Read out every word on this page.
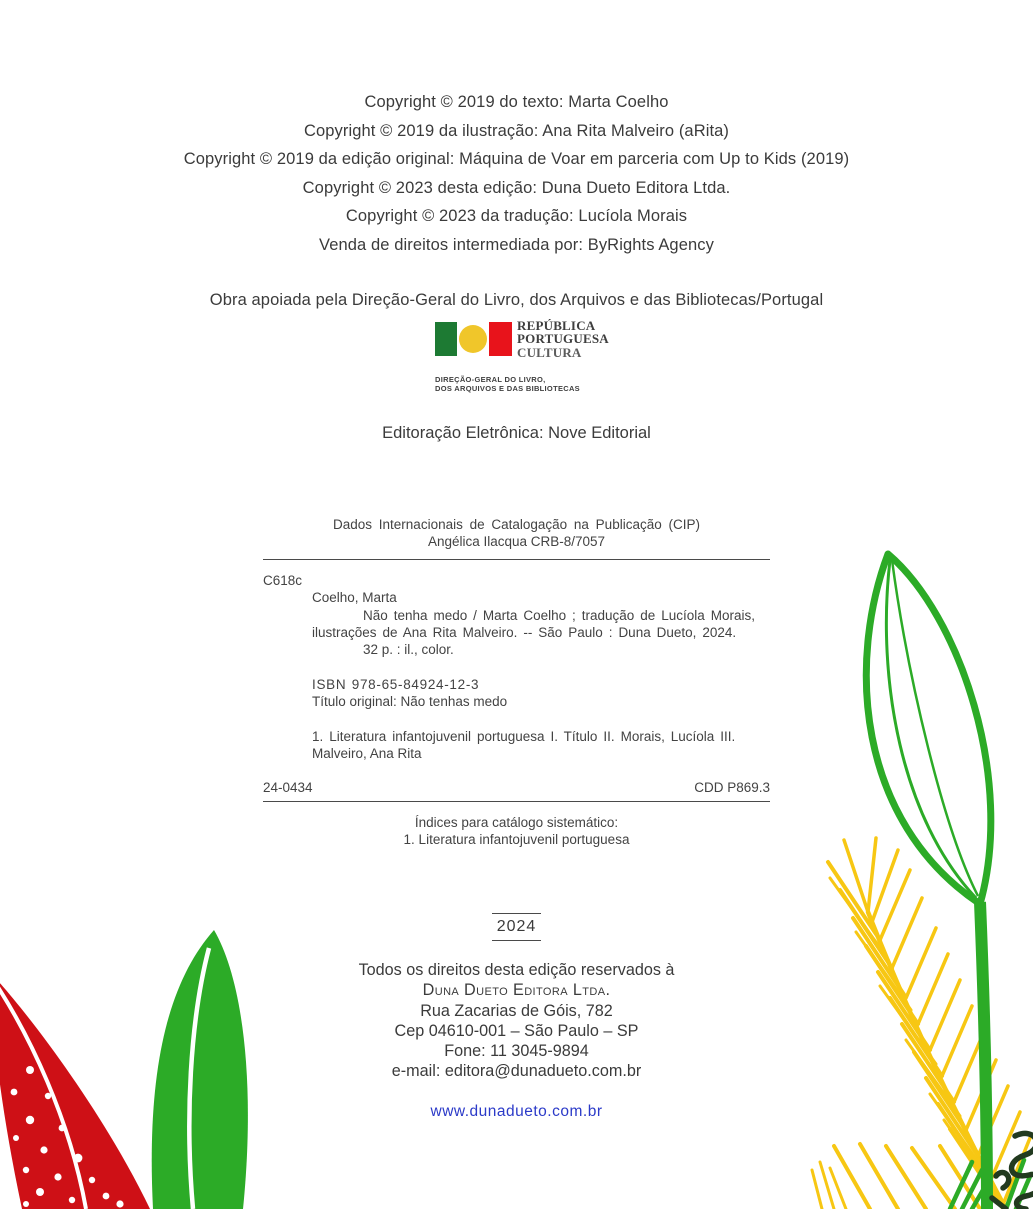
Copyright © 2019 do texto: Marta Coelho
Copyright © 2019 da ilustração: Ana Rita Malveiro (aRita)
Copyright © 2019 da edição original: Máquina de Voar em parceria com Up to Kids (2019)
Copyright © 2023 desta edição: Duna Dueto Editora Ltda.
Copyright © 2023 da tradução: Lucíola Morais
Venda de direitos intermediada por: ByRights Agency
Obra apoiada pela Direção-Geral do Livro, dos Arquivos e das Bibliotecas/Portugal
REPÚBLICA
PORTUGUESA
CULTURA
DIREÇÃO-GERAL DO LIVRO,
DOS ARQUIVOS E DAS BIBLIOTECAS
Editoração Eletrônica: Nove Editorial
Dados Internacionais de Catalogação na Publicação (CIP)
Angélica Ilacqua CRB-8/7057
C618c
Coelho, Marta
Não tenha medo / Marta Coelho ; tradução de Lucíola Morais,
ilustrações de Ana Rita Malveiro. -- São Paulo : Duna Dueto, 2024.
32 p. : il., color.
ISBN 978-65-84924-12-3
Título original: Não tenhas medo
1. Literatura infantojuvenil portuguesa I. Título II. Morais, Lucíola III.
Malveiro, Ana Rita
24-0434	CDD P869.3
Índices para catálogo sistemático:
1. Literatura infantojuvenil portuguesa
2024
Todos os direitos desta edição reservados à
Duna Dueto Editora Ltda.
Rua Zacarias de Góis, 782
Cep 04610-001 – São Paulo – SP
Fone: 11 3045-9894
e-mail: editora@dunadueto.com.br
www.dunadueto.com.br
